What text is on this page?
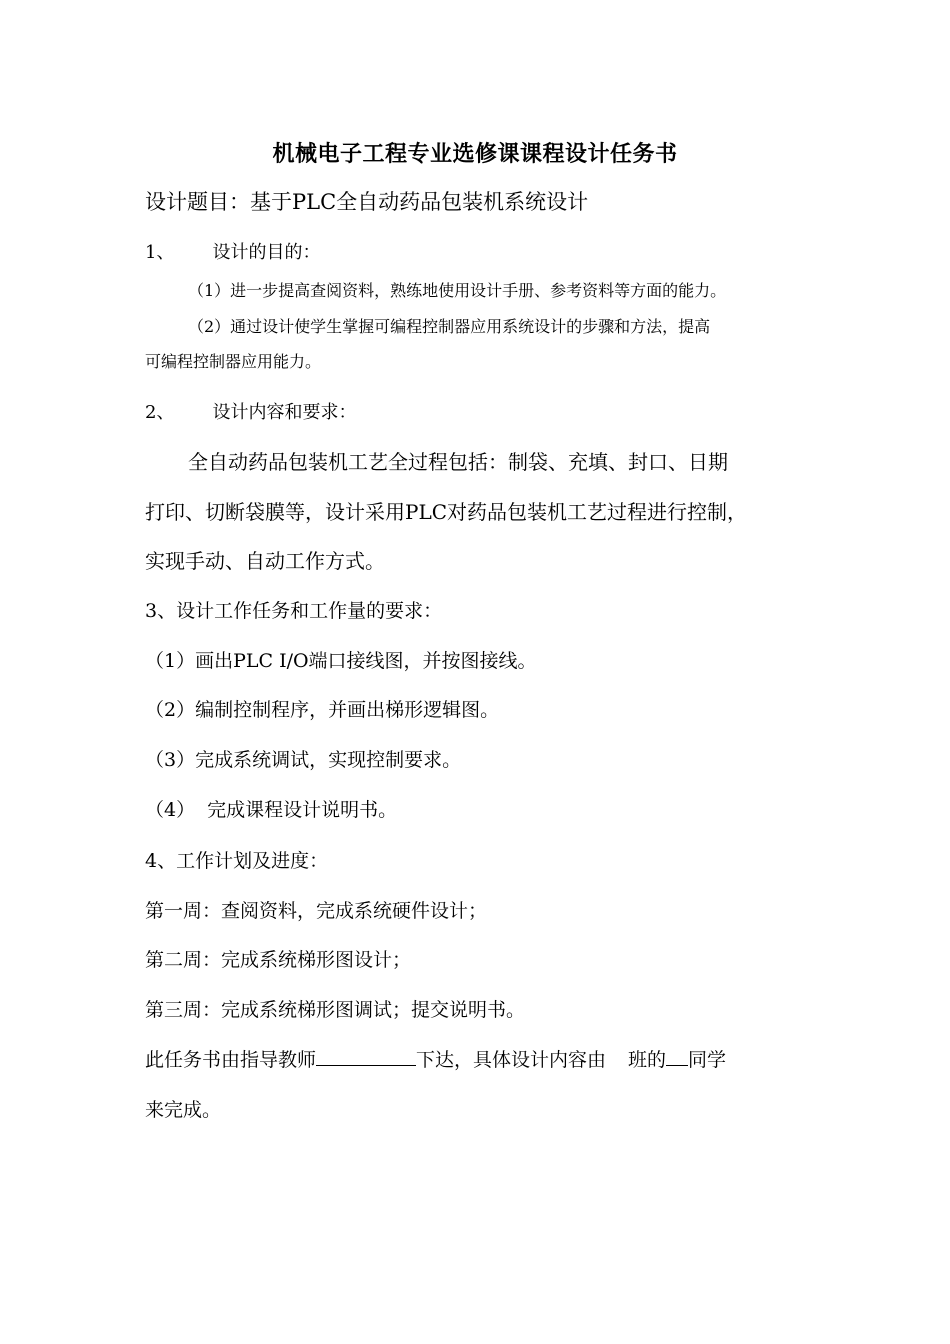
机械电子工程专业选修课课程设计任务书
设计题目：基于PLC全自动药品包装机系统设计
1、 设计的目的：
（1）进一步提高查阅资料，熟练地使用设计手册、参考资料等方面的能力。
（2）通过设计使学生掌握可编程控制器应用系统设计的步骤和方法，提高
可编程控制器应用能力。
2、 设计内容和要求：
全自动药品包装机工艺全过程包括：制袋、充填、封口、日期
打印、切断袋膜等，设计采用PLC对药品包装机工艺过程进行控制，
实现手动、自动工作方式。
3、设计工作任务和工作量的要求：
（1）画出PLC I/O端口接线图，并按图接线。
（2）编制控制程序，并画出梯形逻辑图。
（3）完成系统调试，实现控制要求。
（4）  完成课程设计说明书。
4、工作计划及进度：
第一周：查阅资料，完成系统硬件设计；
第二周：完成系统梯形图设计；
第三周：完成系统梯形图调试；提交说明书。
此任务书由指导教师	下达，具体设计内容由 班的 同学
来完成。
